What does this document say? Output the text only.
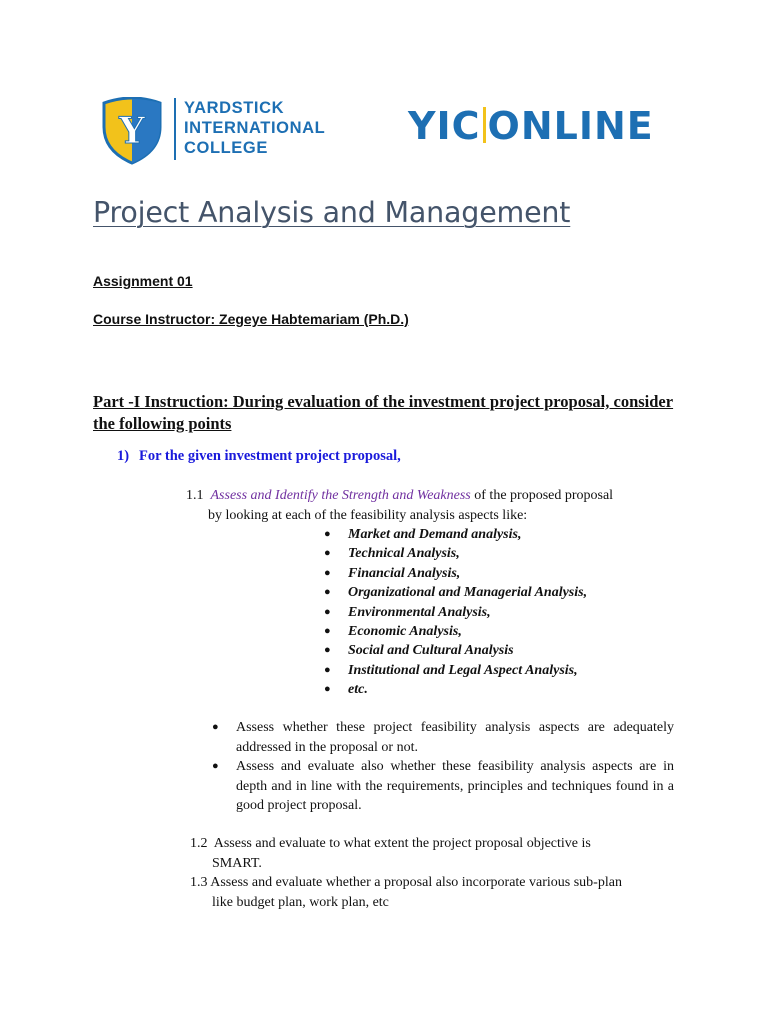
Y
YARDSTICK
INTERNATIONAL
COLLEGE	YIC ONLINE
Project Analysis and Management
Assignment 01
Course Instructor: Zegeye Habtemariam (Ph.D.)
Part -I Instruction: During evaluation of the investment project proposal, consider the following points
1) For the given investment project proposal,
1.1 Assess and Identify the Strength and Weakness of the proposed proposal
by looking at each of the feasibility analysis aspects like:
● Market and Demand analysis,
● Technical Analysis,
● Financial Analysis,
● Organizational and Managerial Analysis,
● Environmental Analysis,
● Economic Analysis,
● Social and Cultural Analysis
● Institutional and Legal Aspect Analysis,
● etc.
● Assess whether these project feasibility analysis aspects are adequately addressed in the proposal or not.
● Assess and evaluate also whether these feasibility analysis aspects are in depth and in line with the requirements, principles and techniques found in a good project proposal.
1.2 Assess and evaluate to what extent the project proposal objective is
SMART.
1.3 Assess and evaluate whether a proposal also incorporate various sub-plan
like budget plan, work plan, etc
